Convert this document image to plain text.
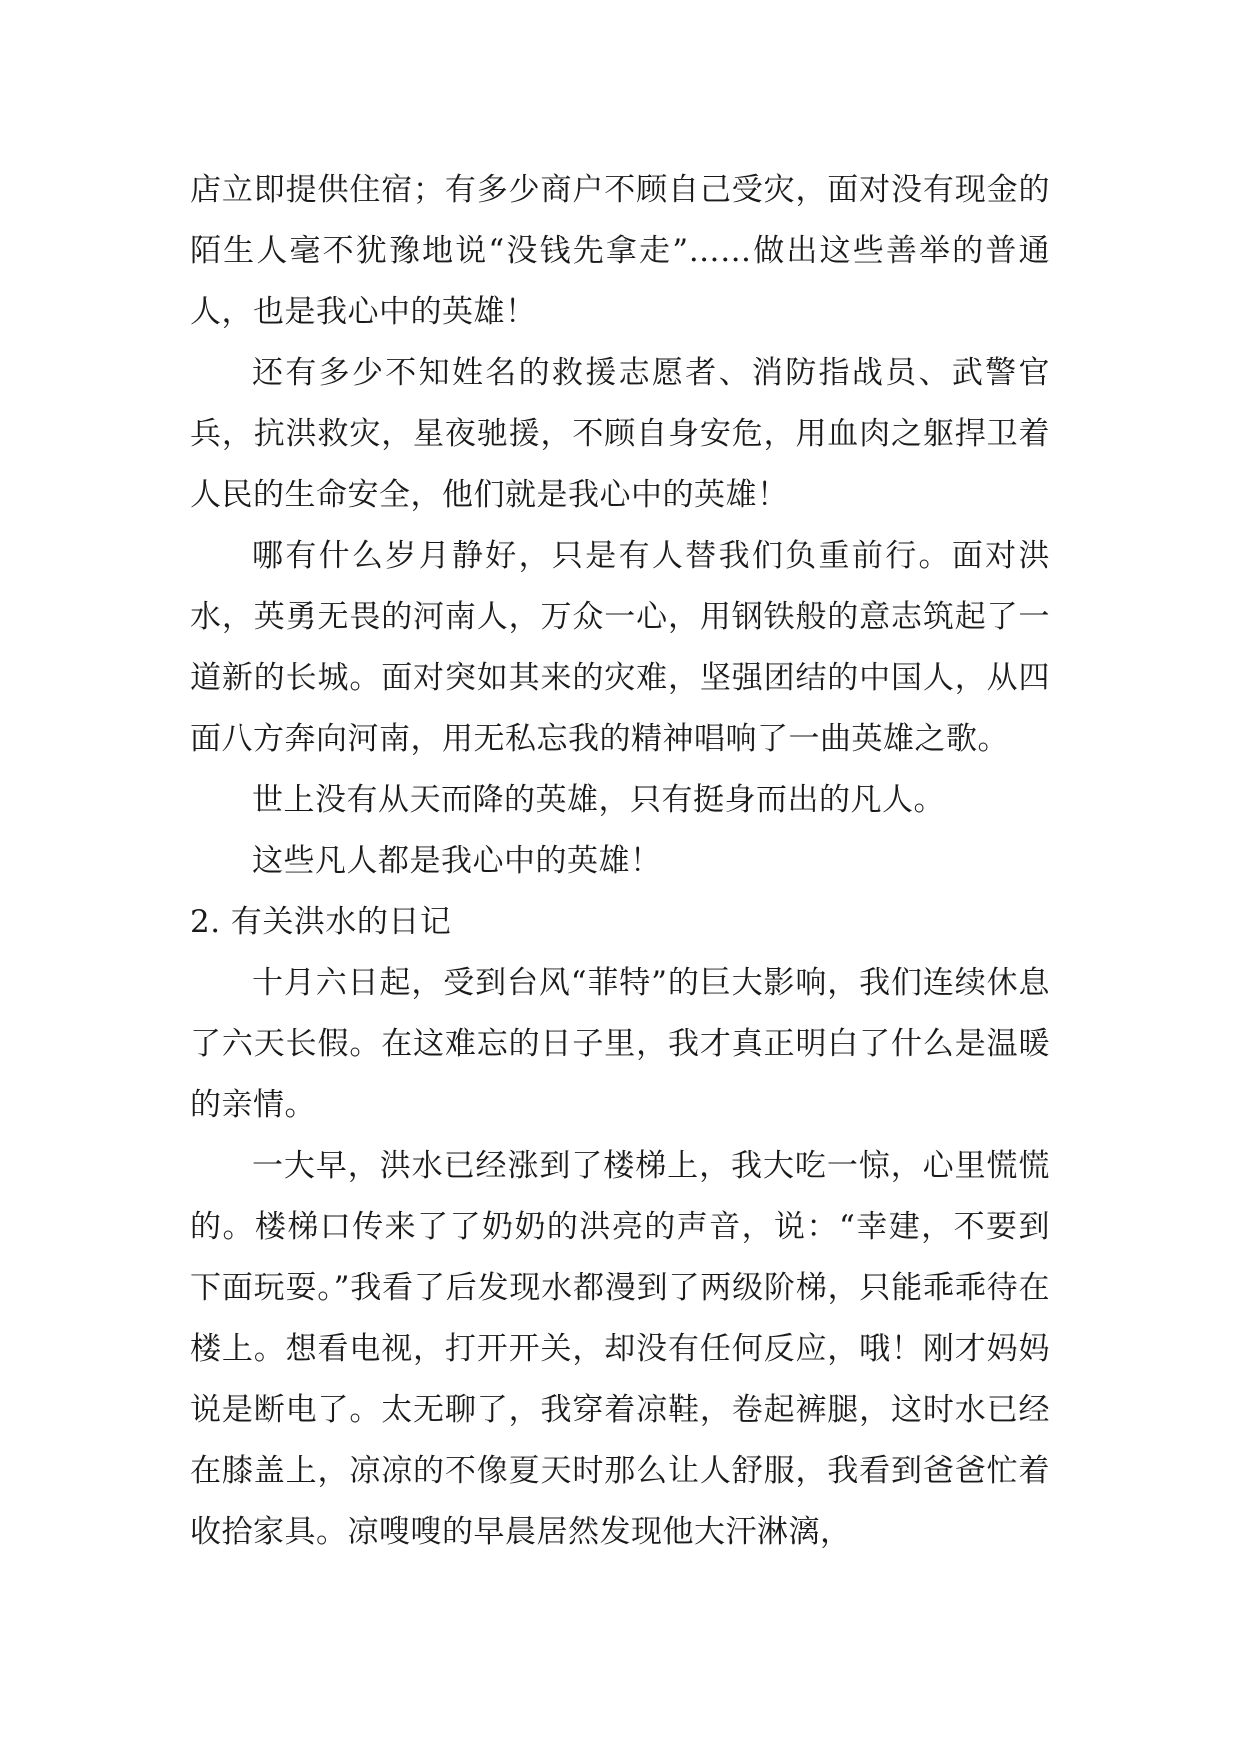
店立即提供住宿；有多少商户不顾自己受灾，面对没有现金的陌生人毫不犹豫地说“没钱先拿走”……做出这些善举的普通人，也是我心中的英雄！

还有多少不知姓名的救援志愿者、消防指战员、武警官兵，抗洪救灾，星夜驰援，不顾自身安危，用血肉之躯捍卫着人民的生命安全，他们就是我心中的英雄！

哪有什么岁月静好，只是有人替我们负重前行。面对洪水，英勇无畏的河南人，万众一心，用钢铁般的意志筑起了一道新的长城。面对突如其来的灾难，坚强团结的中国人，从四面八方奔向河南，用无私忘我的精神唱响了一曲英雄之歌。

世上没有从天而降的英雄，只有挺身而出的凡人。

这些凡人都是我心中的英雄！

2. 有关洪水的日记

十月六日起，受到台风“菲特”的巨大影响，我们连续休息了六天长假。在这难忘的日子里，我才真正明白了什么是温暖的亲情。

一大早，洪水已经涨到了楼梯上，我大吃一惊，心里慌慌的。楼梯口传来了了奶奶的洪亮的声音，说：“幸建，不要到下面玩耍。”我看了后发现水都漫到了两级阶梯，只能乖乖待在楼上。想看电视，打开开关，却没有任何反应，哦！刚才妈妈说是断电了。太无聊了，我穿着凉鞋，卷起裤腿，这时水已经在膝盖上，凉凉的不像夏天时那么让人舒服，我看到爸爸忙着收拾家具。凉嗖嗖的早晨居然发现他大汗淋漓，
